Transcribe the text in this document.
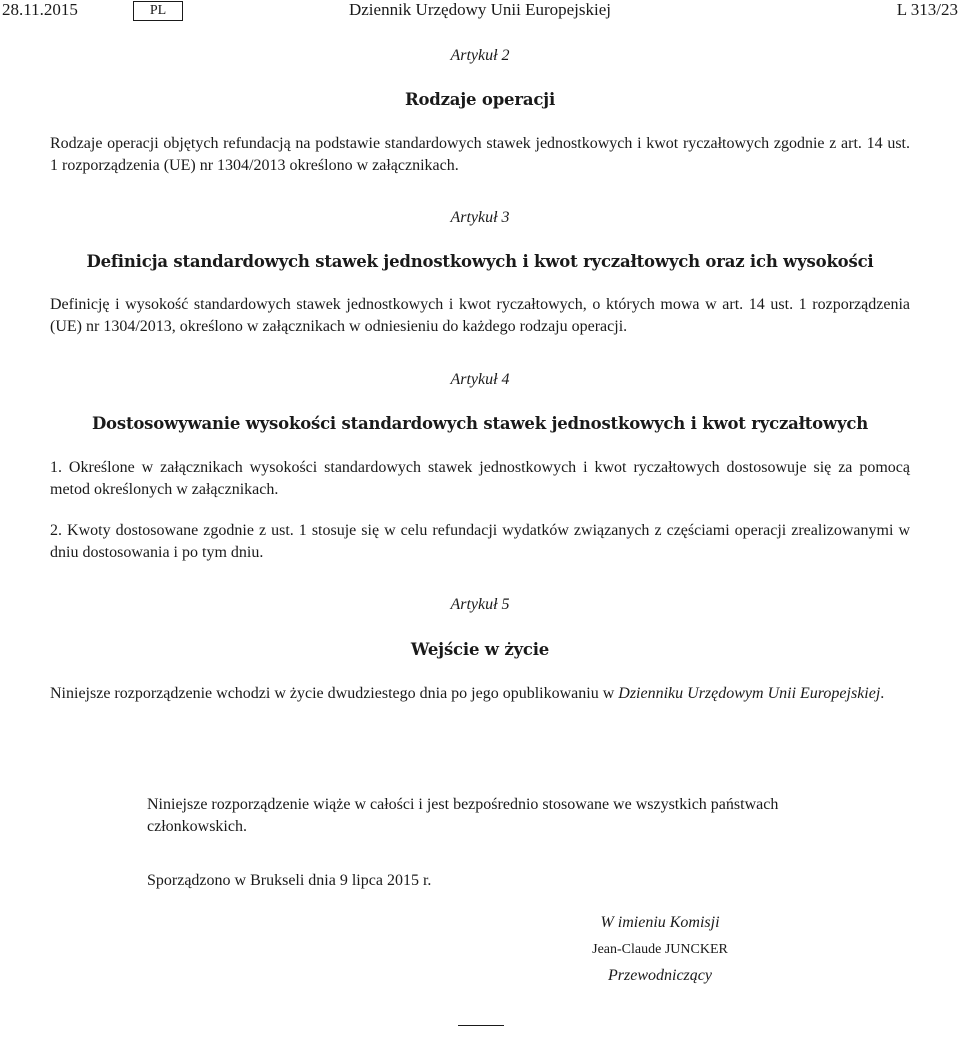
28.11.2015	PL	Dziennik Urzędowy Unii Europejskiej	L 313/23
Artykuł 2
Rodzaje operacji
Rodzaje operacji objętych refundacją na podstawie standardowych stawek jednostkowych i kwot ryczałtowych zgodnie z art. 14 ust. 1 rozporządzenia (UE) nr 1304/2013 określono w załącznikach.
Artykuł 3
Definicja standardowych stawek jednostkowych i kwot ryczałtowych oraz ich wysokości
Definicję i wysokość standardowych stawek jednostkowych i kwot ryczałtowych, o których mowa w art. 14 ust. 1 rozporządzenia (UE) nr 1304/2013, określono w załącznikach w odniesieniu do każdego rodzaju operacji.
Artykuł 4
Dostosowywanie wysokości standardowych stawek jednostkowych i kwot ryczałtowych
1. Określone w załącznikach wysokości standardowych stawek jednostkowych i kwot ryczałtowych dostosowuje się za pomocą metod określonych w załącznikach.
2. Kwoty dostosowane zgodnie z ust. 1 stosuje się w celu refundacji wydatków związanych z częściami operacji zrealizowanymi w dniu dostosowania i po tym dniu.
Artykuł 5
Wejście w życie
Niniejsze rozporządzenie wchodzi w życie dwudziestego dnia po jego opublikowaniu w Dzienniku Urzędowym Unii Europejskiej.
Niniejsze rozporządzenie wiąże w całości i jest bezpośrednio stosowane we wszystkich państwach członkowskich.
Sporządzono w Brukseli dnia 9 lipca 2015 r.
W imieniu Komisji
Jean-Claude JUNCKER
Przewodniczący
